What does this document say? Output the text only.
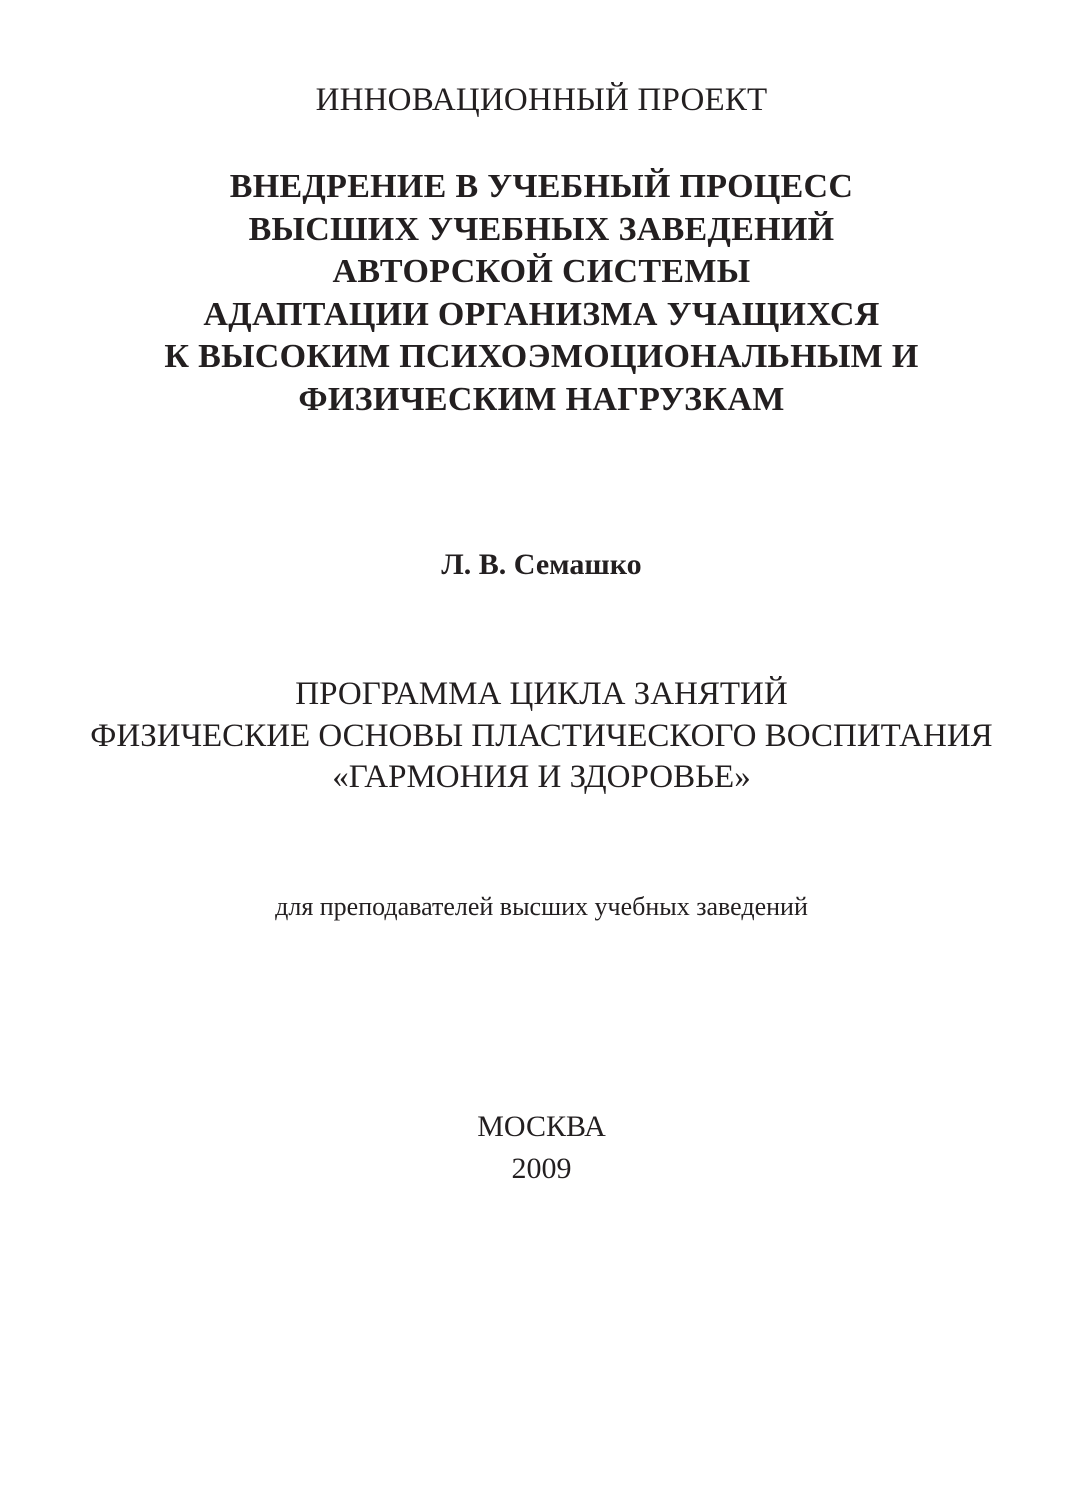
ИННОВАЦИОННЫЙ ПРОЕКТ
ВНЕДРЕНИЕ В УЧЕБНЫЙ ПРОЦЕСС
ВЫСШИХ УЧЕБНЫХ ЗАВЕДЕНИЙ
АВТОРСКОЙ СИСТЕМЫ
АДАПТАЦИИ ОРГАНИЗМА УЧАЩИХСЯ
К ВЫСОКИМ ПСИХОЭМОЦИОНАЛЬНЫМ И
ФИЗИЧЕСКИМ НАГРУЗКАМ
Л. В. Семашко
ПРОГРАММА ЦИКЛА ЗАНЯТИЙ
ФИЗИЧЕСКИЕ ОСНОВЫ ПЛАСТИЧЕСКОГО ВОСПИТАНИЯ
«ГАРМОНИЯ И ЗДОРОВЬЕ»
для преподавателей высших учебных заведений
МОСКВА
2009
